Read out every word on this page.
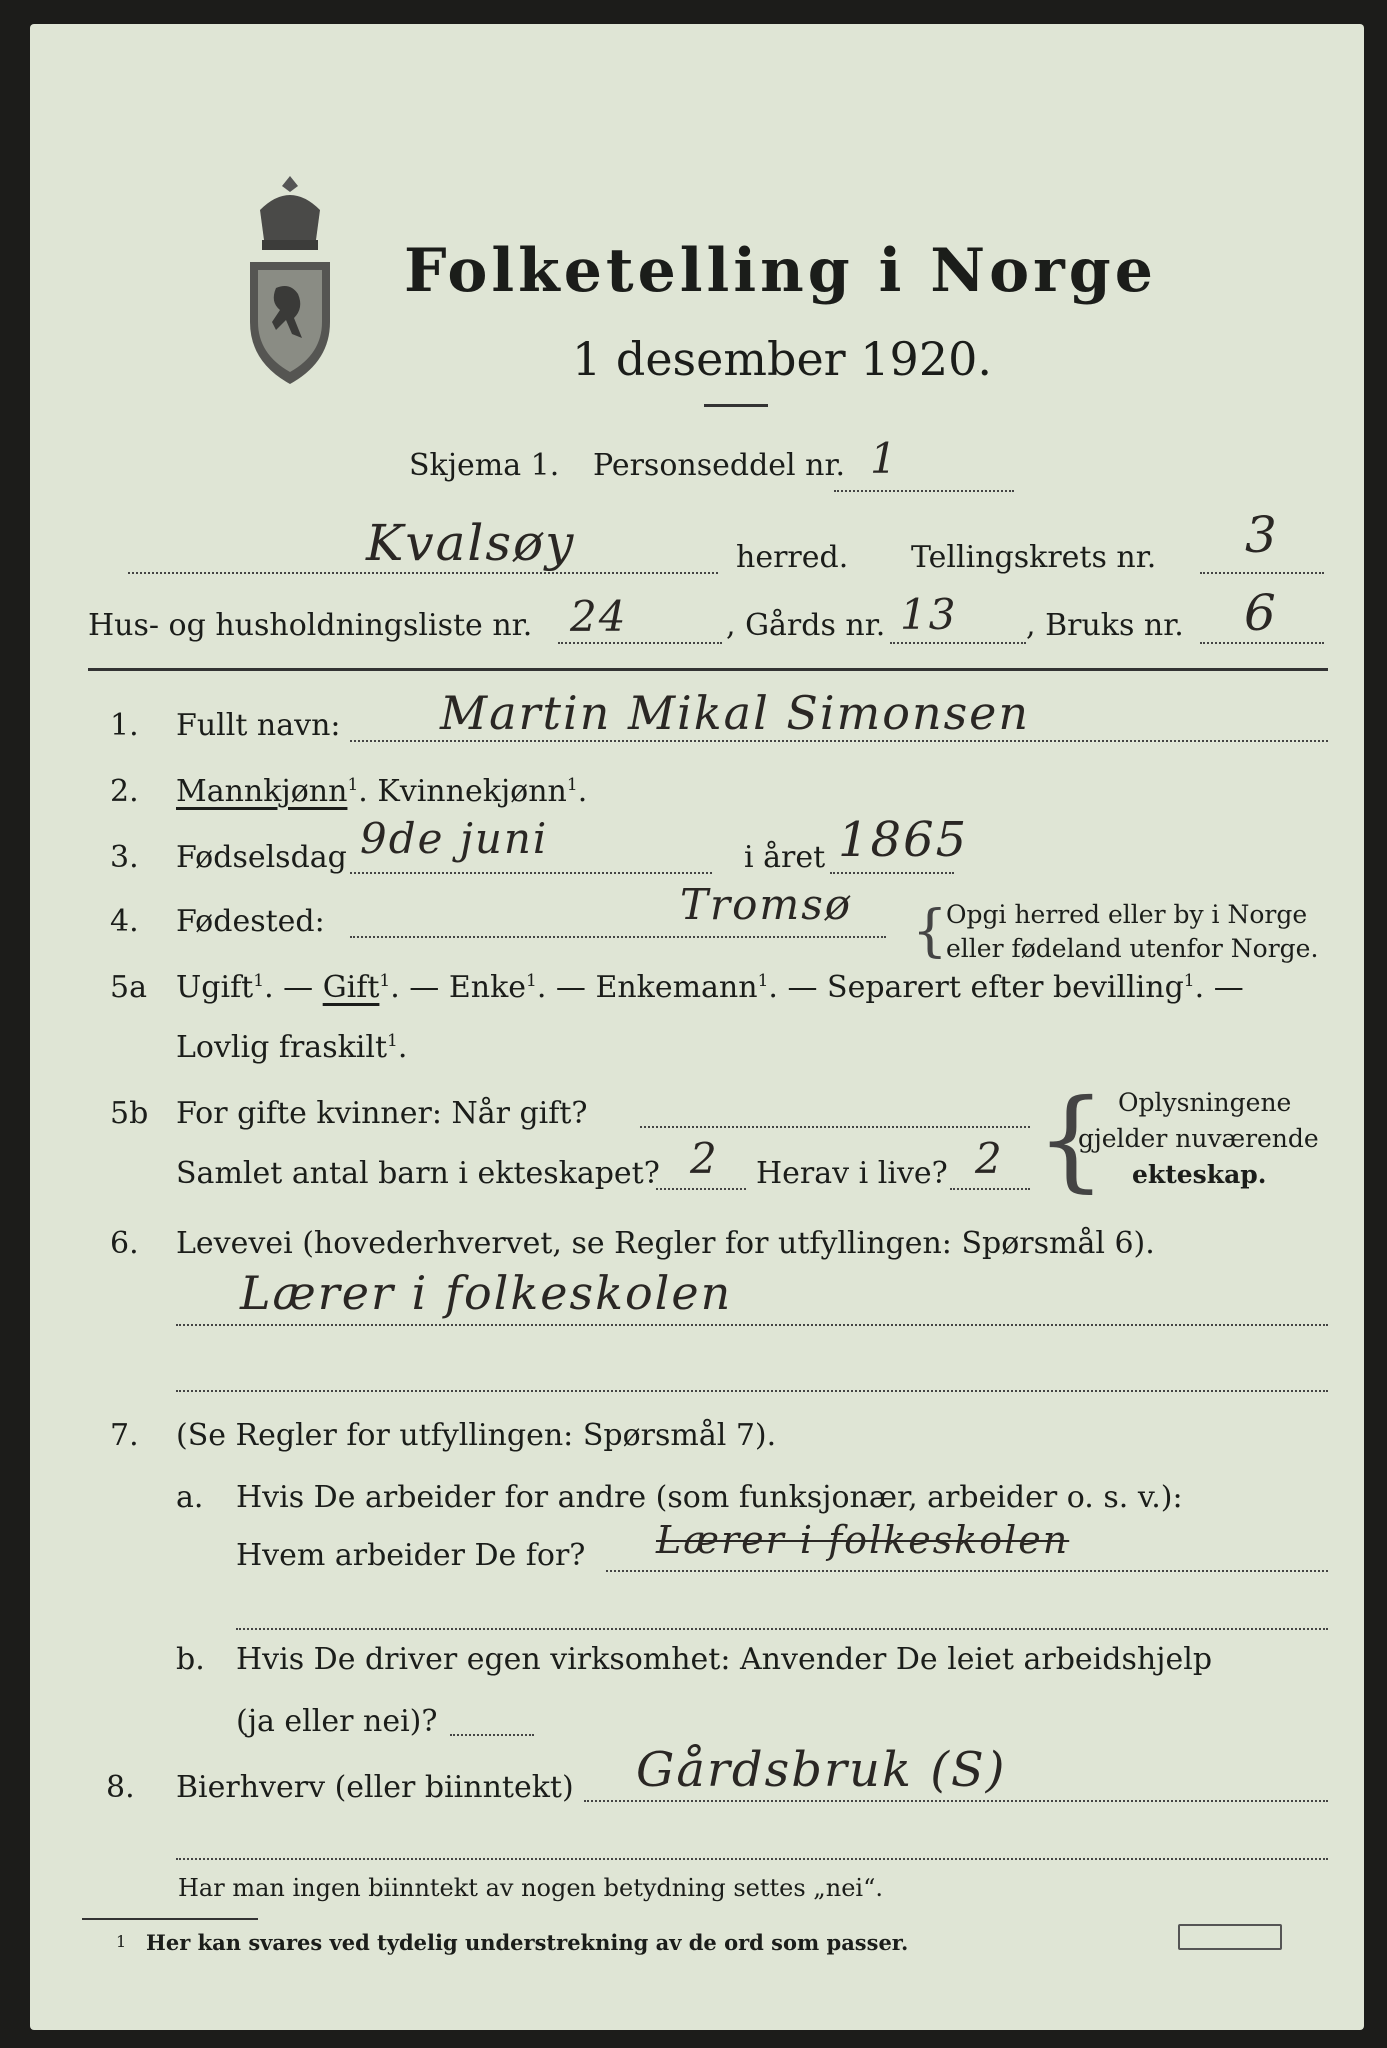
Folketelling i Norge
1 desember 1920.
Skjema 1. Personseddel nr. 1
Kvalsøy	herred. Tellingskrets nr. 3
Hus- og husholdningsliste nr. 24	, Gårds nr. 13 , Bruks nr. 6
1. Fullt navn: Martin Mikal Simonsen
2. Mannkjønn$^1$. Kvinnekjønn$^1$.
3. Fødselsdag 9de juni	i året 1865
4. Fødested:	Tromsø {
Opgi herred eller by i Norge
eller fødeland utenfor Norge.
5a Ugift$^1$. — Gift$^1$. — Enke$^1$. — Enkemann$^1$. — Separert efter bevilling$^1$. —
Lovlig fraskilt$^1$.
5b For gifte kvinner: Når gift?
Samlet antal barn i ekteskapet? 2 Herav i live? 2 { Oplysningene
gjelder nuværende
ekteskap.
6. Levevei (hovederhvervet, se Regler for utfyllingen: Spørsmål 6).
Lærer i folkeskolen
7. (Se Regler for utfyllingen: Spørsmål 7).
a. Hvis De arbeider for andre (som funksjonær, arbeider o. s. v.):
Hvem arbeider De for? Lærer i folkeskolen
b. Hvis De driver egen virksomhet: Anvender De leiet arbeidshjelp
(ja eller nei)?
8. Bierhverv (eller biinntekt) Gårdsbruk (S)
Har man ingen biinntekt av nogen betydning settes „nei“.
1 Her kan svares ved tydelig understrekning av de ord som passer.
